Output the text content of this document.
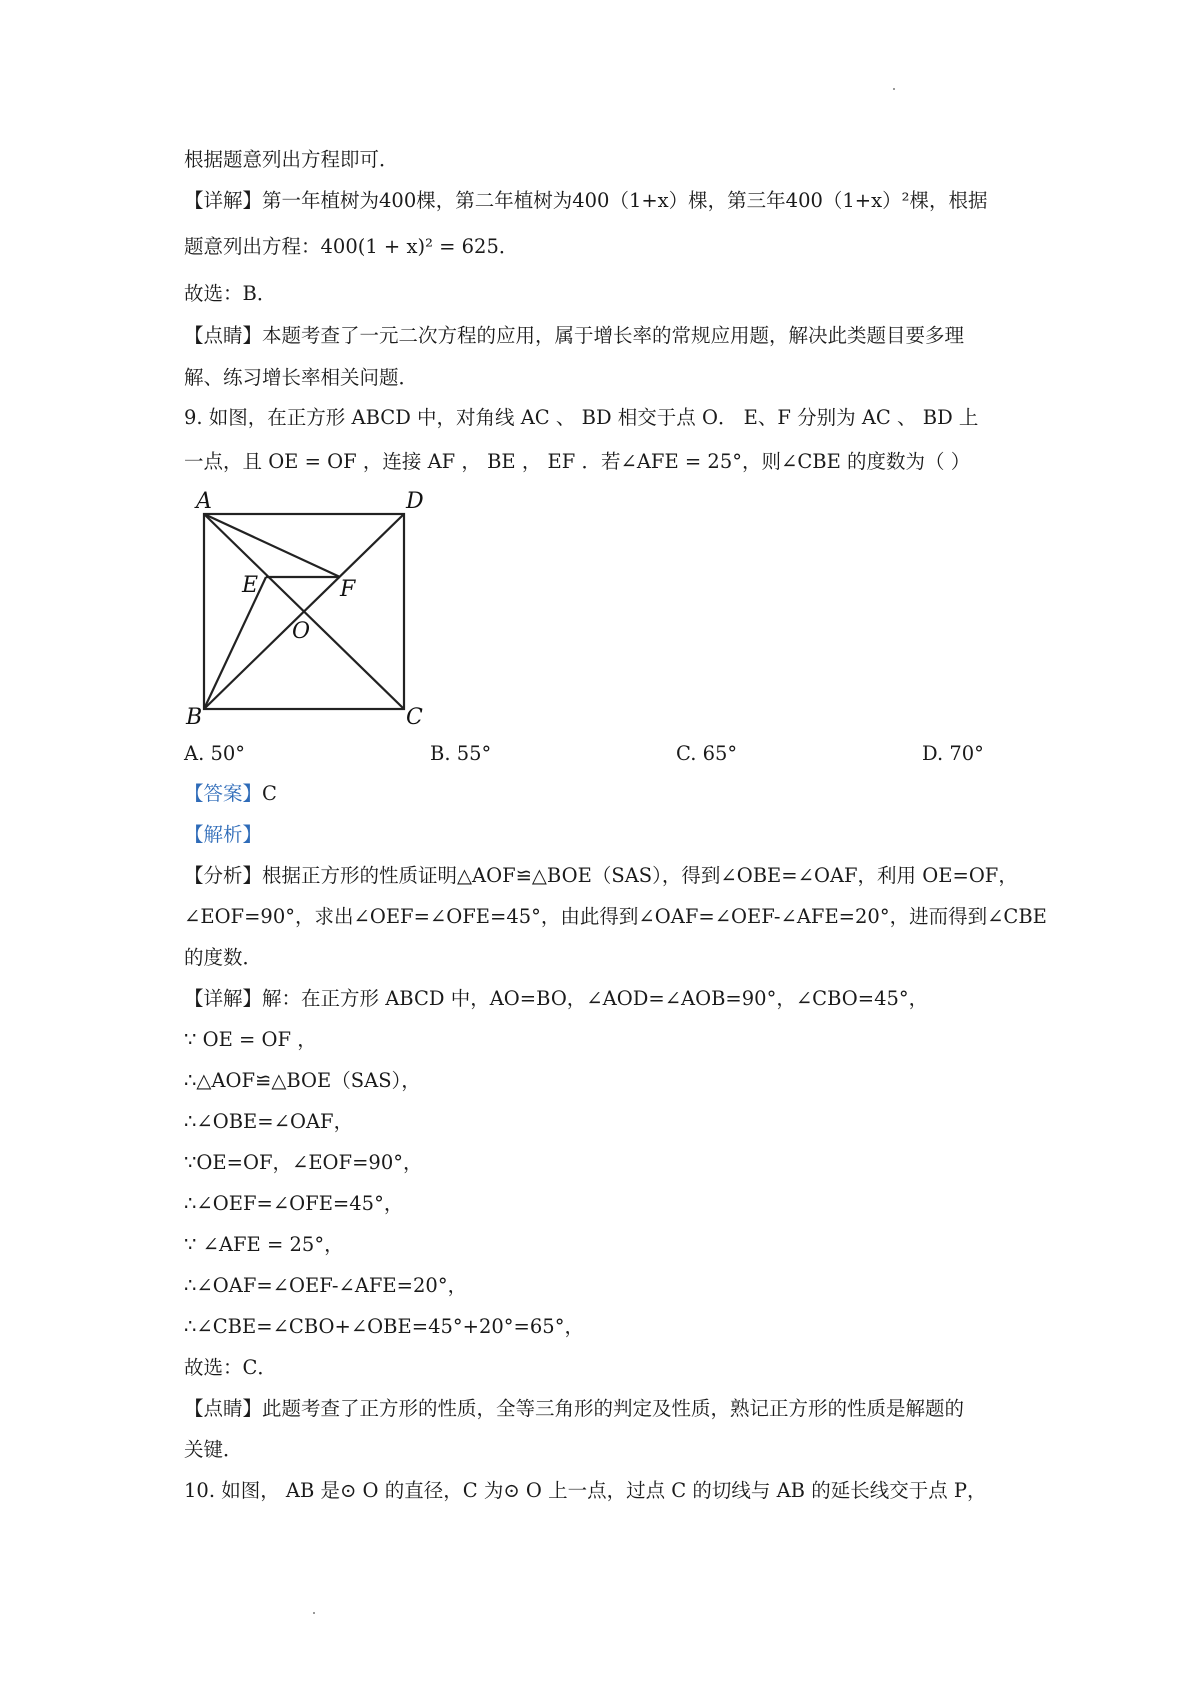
根据题意列出方程即可．
【详解】第一年植树为400棵，第二年植树为400（1+x）棵，第三年400（1+x）²棵，根据
题意列出方程：400(1 + x)² = 625．
故选：B．
【点睛】本题考查了一元二次方程的应用，属于增长率的常规应用题，解决此类题目要多理
解、练习增长率相关问题．
9. 如图，在正方形 ABCD 中，对角线 AC 、 BD 相交于点 O． E、F 分别为 AC 、 BD 上
一点，且 OE = OF ，连接 AF ， BE ， EF ．若∠AFE = 25°，则∠CBE 的度数为（ ）
A	D
E	F
O
B	C
A. 50°	B. 55°	C. 65°	D. 70°
【答案】C
【解析】
【分析】根据正方形的性质证明△AOF≌△BOE（SAS），得到∠OBE=∠OAF，利用 OE=OF，
∠EOF=90°，求出∠OEF=∠OFE=45°，由此得到∠OAF=∠OEF-∠AFE=20°，进而得到∠CBE
的度数．
【详解】解：在正方形 ABCD 中，AO=BO，∠AOD=∠AOB=90°，∠CBO=45°，
∵ OE = OF ，
∴△AOF≌△BOE（SAS），
∴∠OBE=∠OAF，
∵OE=OF，∠EOF=90°，
∴∠OEF=∠OFE=45°，
∵ ∠AFE = 25°，
∴∠OAF=∠OEF-∠AFE=20°，
∴∠CBE=∠CBO+∠OBE=45°+20°=65°，
故选：C．
【点睛】此题考查了正方形的性质，全等三角形的判定及性质，熟记正方形的性质是解题的
关键．
10. 如图， AB 是⊙ O 的直径，C 为⊙ O 上一点，过点 C 的切线与 AB 的延长线交于点 P，
